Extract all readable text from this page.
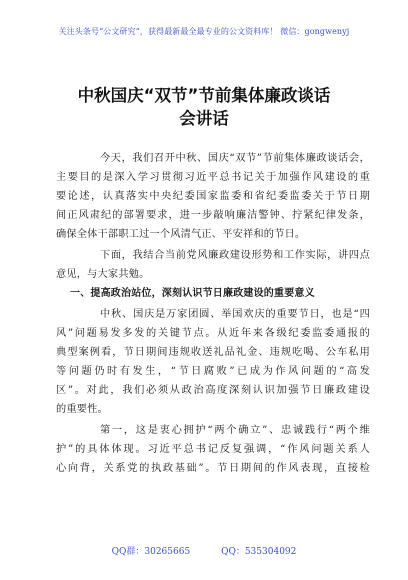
关注头条号“公文研究”，获得最新最全最专业的公文资料库！ 微信：gongwenyj
中秋国庆“双节”节前集体廉政谈话
会讲话
今天，我们召开中秋、国庆“双节”节前集体廉政谈话会，
主要目的是深入学习贯彻习近平总书记关于加强作风建设的重
要论述，认真落实中央纪委国家监委和省纪委监委关于节日期
间正风肃纪的部署要求，进一步敲响廉洁警钟、拧紧纪律发条，
确保全体干部职工过一个风清气正、平安祥和的节日。
下面，我结合当前党风廉政建设形势和工作实际，讲四点
意见，与大家共勉。
一、提高政治站位，深刻认识节日廉政建设的重要意义
中秋、国庆是万家团圆、举国欢庆的重要节日，也是“四
风”问题易发多发的关键节点。从近年来各级纪委监委通报的
典型案例看，节日期间违规收送礼品礼金、违规吃喝、公车私用
等问题仍时有发生，“节日腐败”已成为作风问题的“高发
区”。对此，我们必须从政治高度深刻认识加强节日廉政建设
的重要性。
第一，这是衷心拥护“两个确立”、忠诚践行“两个维
护”的具体体现。习近平总书记反复强调，“作风问题关系人
心向背，关系党的执政基础”。节日期间的作风表现，直接检
QQ群：30265665	QQ：535304092
